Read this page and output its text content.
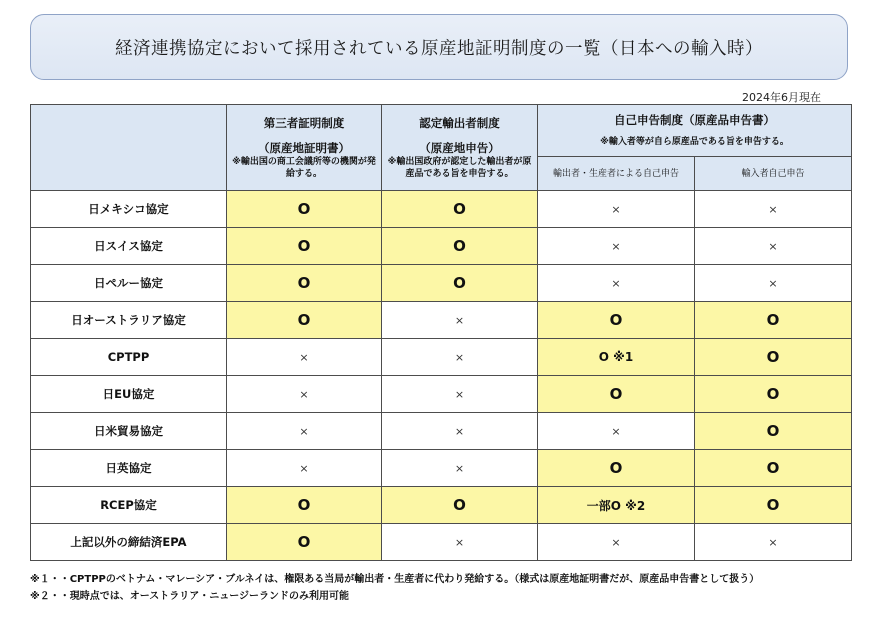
経済連携協定において採用されている原産地証明制度の一覧（日本への輸入時）
2024年6月現在

	第三者証明制度
（原産地証明書）
※輸出国の商工会議所等の機関が発給する。	認定輸出者制度
（原産地申告）
※輸出国政府が認定した輸出者が原産品である旨を申告する。	自己申告制度（原産品申告書）
※輸入者等が自ら原産品である旨を申告する。	

			輸出者・生産者による自己申告	輸入者自己申告
日メキシコ協定	O	O	×	×
日スイス協定	O	O	×	×
日ペルー協定	O	O	×	×
日オーストラリア協定	O	×	O	O
CPTPP	×	×	O ※1	O
日EU協定	×	×	O	O
日米貿易協定	×	×	×	O
日英協定	×	×	O	O
RCEP協定	O	O	一部O ※2	O
上記以外の締結済EPA	O	×	×	×
※１・・CPTPPのベトナム・マレーシア・ブルネイは、権限ある当局が輸出者・生産者に代わり発給する。（様式は原産地証明書だが、原産品申告書として扱う）
※２・・現時点では、オーストラリア・ニュージーランドのみ利用可能
